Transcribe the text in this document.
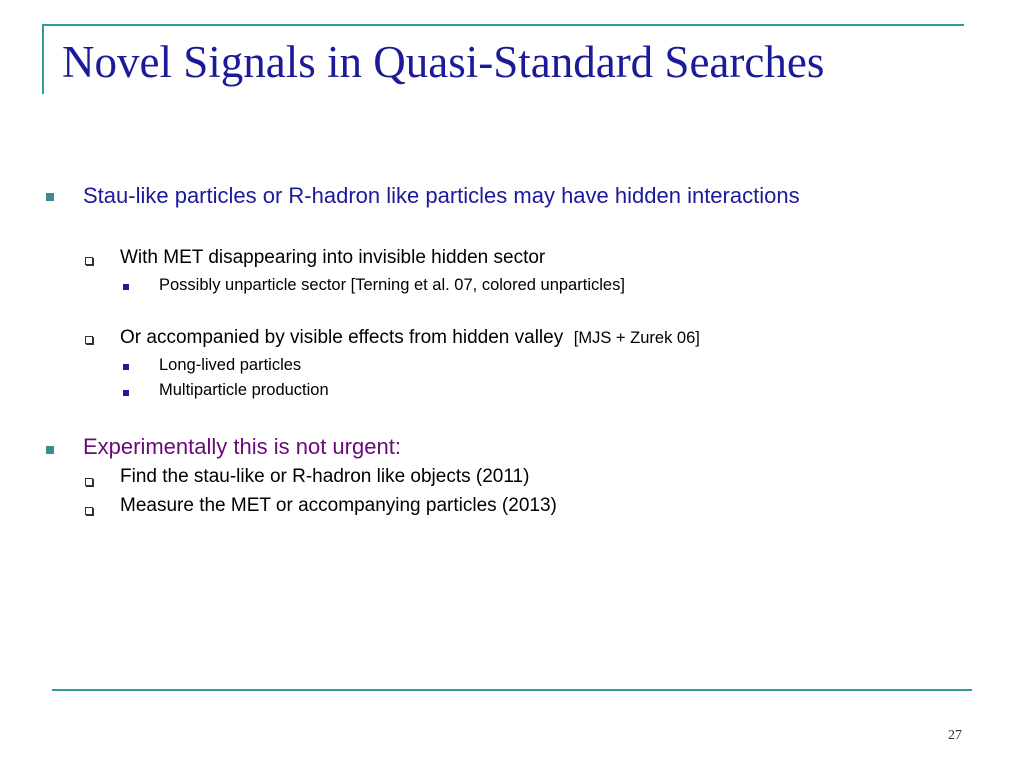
Novel Signals in Quasi-Standard Searches
Stau-like particles or R-hadron like particles may have hidden interactions
With MET disappearing into invisible hidden sector
Possibly unparticle sector [Terning et al. 07, colored unparticles]
Or accompanied by visible effects from hidden valley [MJS + Zurek 06]
Long-lived particles
Multiparticle production
Experimentally this is not urgent:
Find the stau-like or R-hadron like objects (2011)
Measure the MET or accompanying particles (2013)
27
